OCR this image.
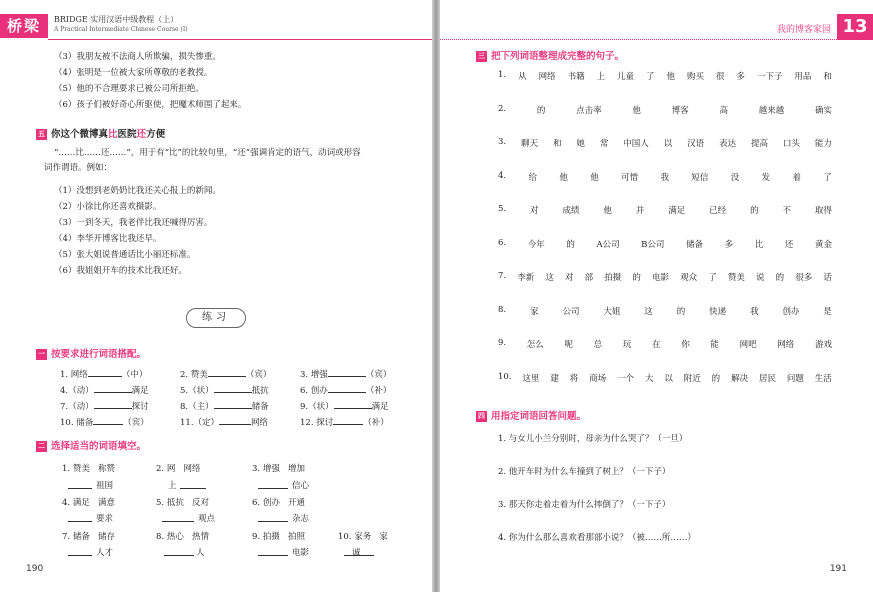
桥梁	BRIDGE 实用汉语中级教程（上）
A Practical Intermediate Chinese Course (I)
（3）我朋友被不法商人所欺骗，损失惨重。
（4）张明是一位被大家所尊敬的老教授。
（5）他的不合理要求已被公司所拒绝。
（6）孩子们被好奇心所驱使，把魔术师围了起来。
五 你这个微博真比医院还方便
“……比……还……”，用于有“比”的比较句里，“还”强调肯定的语气，动词或形容
词作谓语。例如：
（1）没想到老奶奶比我还关心报上的新闻。
（2）小徐比你还喜欢摄影。
（3）一到冬天，我老伴比我还喊得厉害。
（4）李华开博客比我还早。
（5）张大姐说普通话比小丽还标准。
（6）我姐姐开车的技术比我还好。
练习
一 按要求进行词语搭配。
1. 网络	（中）	2. 赞美	（宾）	3. 增强	（宾）
4.（动）	满足	5.（状）	抵抗	6. 创办	（补）
7.（动）	探讨	8.（主）	储备	9.（状）	满足
10. 储备	（宾）	11.（定）	网络	12. 探讨	（补）
二 选择适当的词语填空。
1. 赞美 称赞
祖国
2. 网 网络
上
3. 增强 增加
信心
4. 满足 满意
要求
5. 抵抗 反对
观点
6. 创办 开通
杂志
7. 储备 储存
人才
8. 热心 热情
人
9. 拍摄 拍照
电影
10. 家务 家
诚
190
我的博客家园 13
三 把下列词语整理成完整的句子。
1. 从 网络 书籍 上 儿童 了 他 购买 很 多 一下子 用品 和
2.	的	点击率	他	博客	高	越来越	确实
3. 聊天 和 她 常 中国人 以 汉语 表达 提高 口头 能力
4.	给	他	他	可惜	我	短信	没	发	着	了
5.	对	成绩	他	并	满足	已经	的	不	取得
6.	今年	的	A公司	B公司	储备	多	比	还	黄金
7. 李新 这 对 部 拍摄 的 电影 观众 了 赞美 说 的 很多 话
8.	家	公司	大姐	这	的	快递	我	创办	是
9. 怎么 呢 总 玩 在 你 能 网吧 网络 游戏
10. 这里 建 将 商场 一个 大 以 附近 的 解决 居民 问题 生活
四 用指定词语回答问题。
1. 与女儿小兰分别时，母亲为什么哭了？（一旦）
2. 他开车时为什么车撞到了树上？（一下子）
3. 那天你走着走着为什么摔倒了？（一下子）
4. 你为什么那么喜欢看那部小说？（被……所……）
191
